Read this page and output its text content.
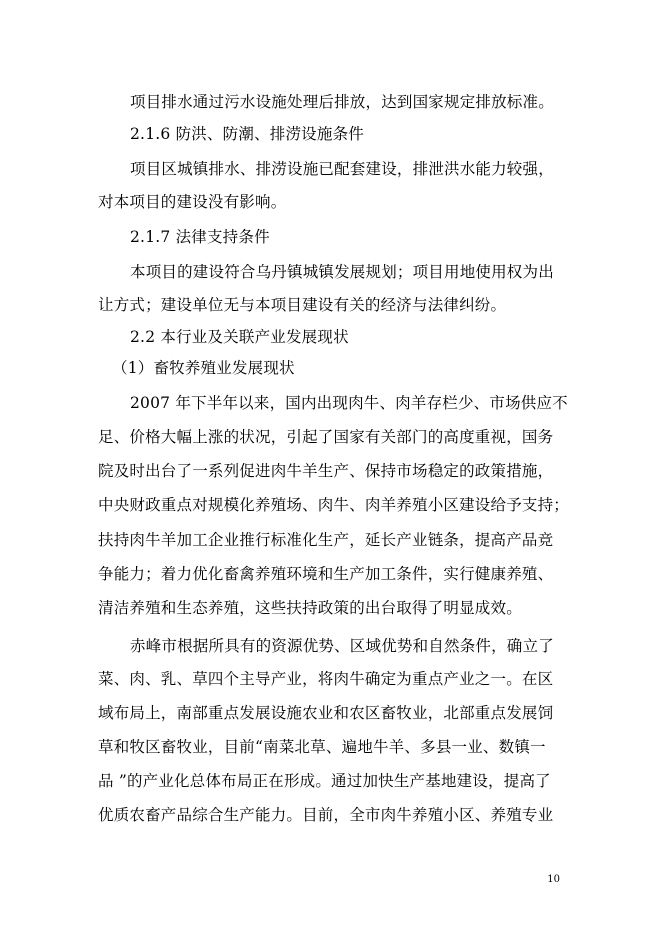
项目排水通过污水设施处理后排放，达到国家规定排放标准。
2.1.6 防洪、防潮、排涝设施条件
项目区城镇排水、排涝设施已配套建设，排泄洪水能力较强，
对本项目的建设没有影响。
2.1.7 法律支持条件
本项目的建设符合乌丹镇城镇发展规划；项目用地使用权为出
让方式；建设单位无与本项目建设有关的经济与法律纠纷。
2.2 本行业及关联产业发展现状
（1）畜牧养殖业发展现状
2007 年下半年以来，国内出现肉牛、肉羊存栏少、市场供应不
足、价格大幅上涨的状况，引起了国家有关部门的高度重视，国务
院及时出台了一系列促进肉牛羊生产、保持市场稳定的政策措施，
中央财政重点对规模化养殖场、肉牛、肉羊养殖小区建设给予支持；
扶持肉牛羊加工企业推行标准化生产，延长产业链条，提高产品竞
争能力；着力优化畜禽养殖环境和生产加工条件，实行健康养殖、
清洁养殖和生态养殖，这些扶持政策的出台取得了明显成效。
赤峰市根据所具有的资源优势、区域优势和自然条件，确立了
菜、肉、乳、草四个主导产业，将肉牛确定为重点产业之一。在区
域布局上，南部重点发展设施农业和农区畜牧业，北部重点发展饲
草和牧区畜牧业，目前“南菜北草、遍地牛羊、多县一业、数镇一
品 ”的产业化总体布局正在形成。通过加快生产基地建设，提高了
优质农畜产品综合生产能力。目前，全市肉牛养殖小区、养殖专业
10
